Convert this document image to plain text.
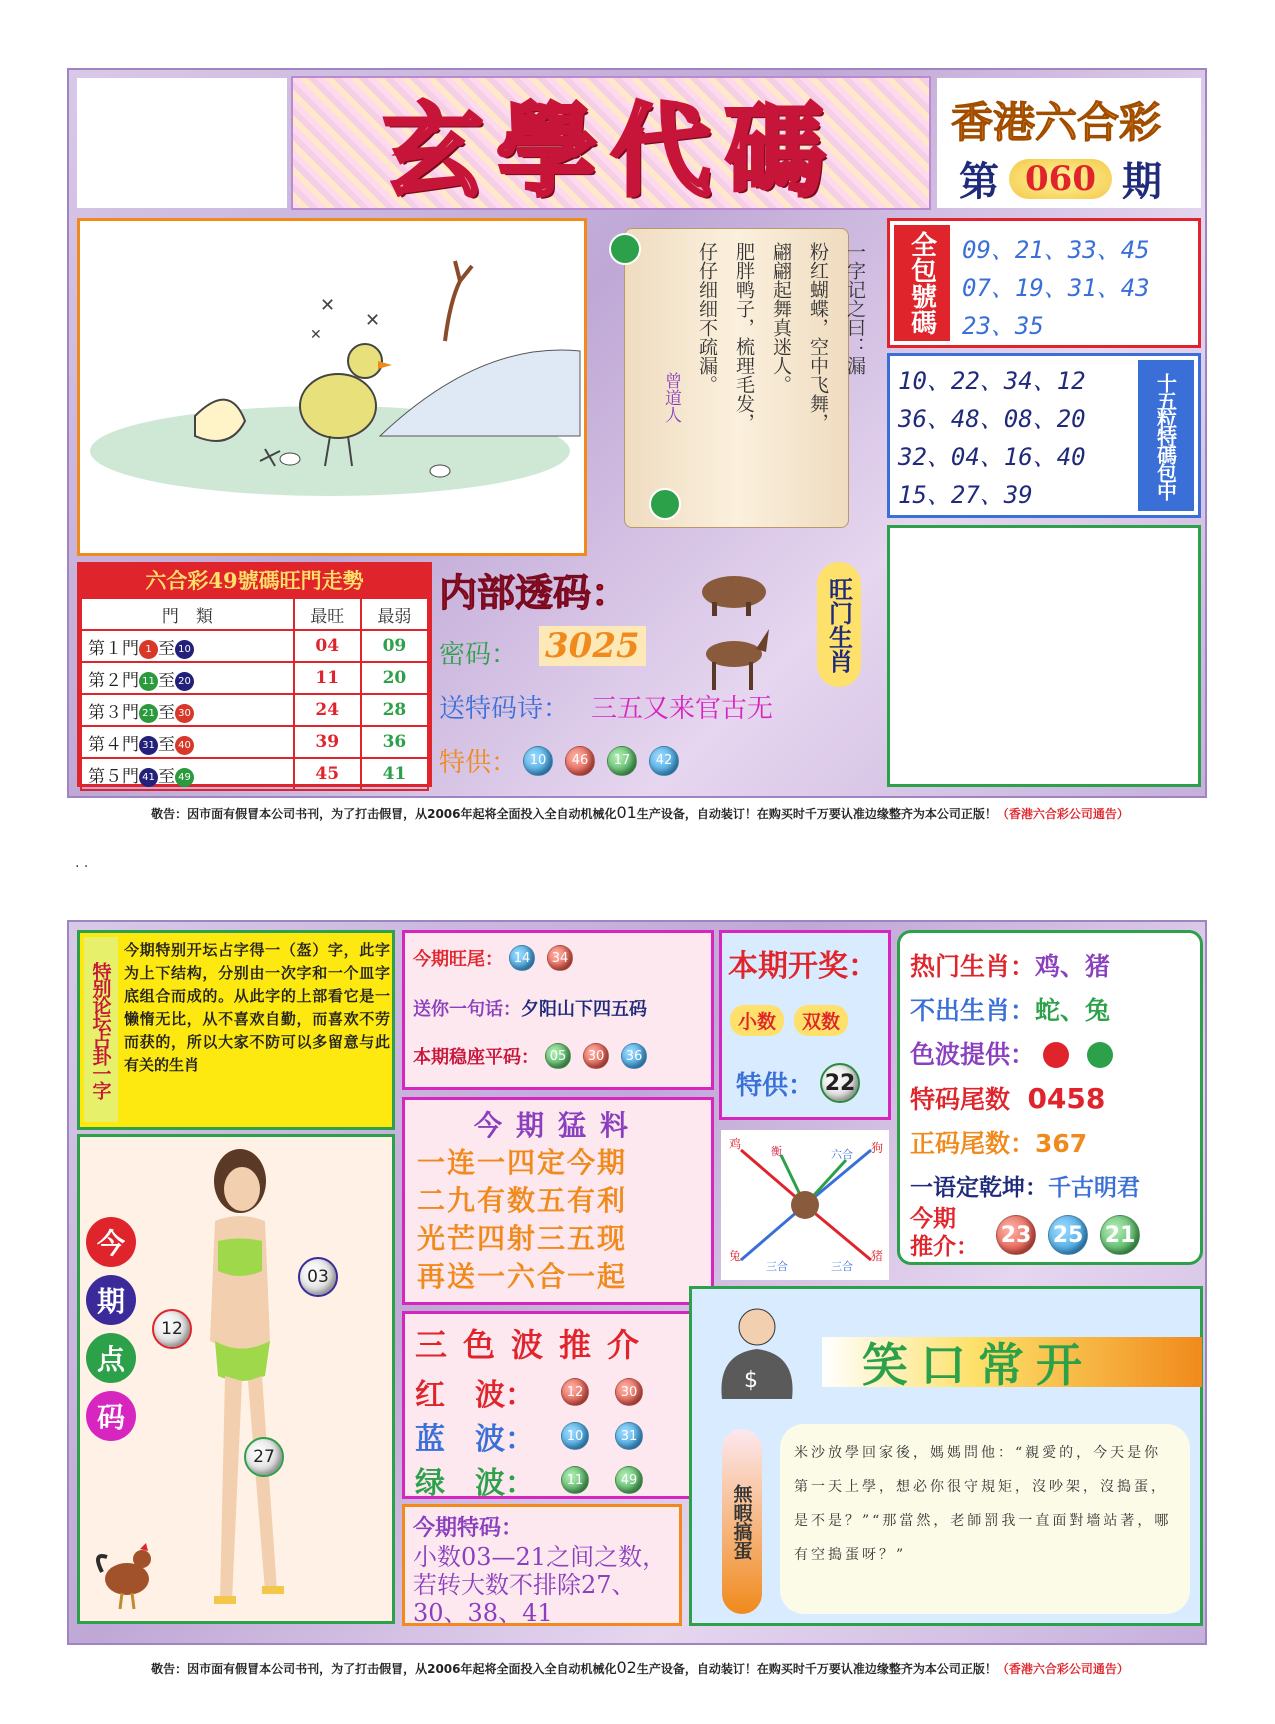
玄學代碼	香港六合彩
第 060 期
✕
✕
✕	一字记之曰：漏
粉红蝴蝶，空中飞舞，
翩翩起舞真迷人。
肥胖鸭子，梳理毛发，
仔仔细细不疏漏。
曾道人
全包號碼	09、21、33、45
07、19、31、43
23、35
10、22、34、12
36、48、08、20
32、04、16、40
15、27、39	十五粒特碼包中
六合彩49號碼旺門走勢
門　類	最旺	最弱
第１門 1 至 10	04	09
第２門 11 至 20	11	20
第３門 21 至 30	24	28
第４門 31 至 40	39	36
第５門 41 至 49	45	41
内部透码：
密码： 3025
送特码诗： 三五又来官古无
特供： 10	46	17	42
旺门生肖
敬告：因市面有假冒本公司书刊，为了打击假冒，从2006年起将全面投入全自动机械化01生产设备，自动装订！在购买时千万要认准边缘整齐为本公司正版！（香港六合彩公司通告）
. .
特别论坛占卦一字
今期特别开坛占字得一（盔）字，此字为上下结构，分别由一次字和一个皿字底组合而成的。从此字的上部看它是一懒惰无比，从不喜欢自勤，而喜欢不劳而获的，所以大家不防可以多留意与此有关的生肖
今期旺尾： 14	34
送你一句话：夕阳山下四五码
本期稳座平码： 05	30	36
本期开奖：
小数	双数
特供： 22
热门生肖：鸡、猪
不出生肖：蛇、兔
色波提供：
特码尾数 0458
正码尾数：367
一语定乾坤：千古明君
今期
推介： 23 25 21
今期猛料
一连一四定今期
二九有数五有利
光芒四射三五现
再送一六合一起
鸡
衡	六合 狗
兔
三合	三合
猪
今
期
点
码
03
12
27
三色波推介
红　波：	12	30
蓝　波：	10	31
绿　波：	11	49
今期特码：
小数03—21之间之数，若转大数不排除27、30、38、41
$ 笑口常开
無暇搞蛋
米沙放學回家後，媽媽問他：“親愛的，今天是你第一天上學，想必你很守規矩，沒吵架，沒搗蛋，是不是？”“那當然，老師罰我一直面對墻站著，哪有空搗蛋呀？”
敬告：因市面有假冒本公司书刊，为了打击假冒，从2006年起将全面投入全自动机械化02生产设备，自动装订！在购买时千万要认准边缘整齐为本公司正版！（香港六合彩公司通告）
